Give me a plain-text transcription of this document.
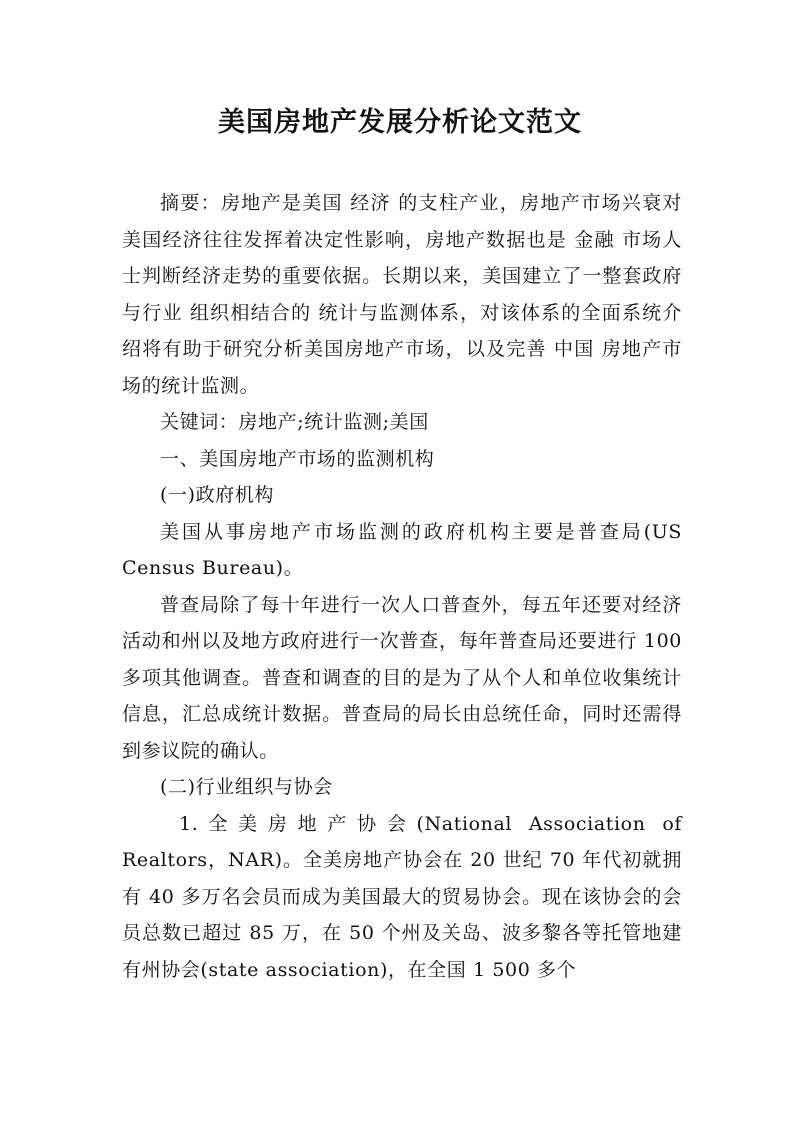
美国房地产发展分析论文范文

摘要：房地产是美国 经济 的支柱产业，房地产市场兴衰对美国经济往往发挥着决定性影响，房地产数据也是 金融 市场人士判断经济走势的重要依据。长期以来，美国建立了一整套政府与行业 组织相结合的 统计与监测体系，对该体系的全面系统介绍将有助于研究分析美国房地产市场，以及完善 中国 房地产市场的统计监测。

关键词：房地产;统计监测;美国

一、美国房地产市场的监测机构

(一)政府机构

美国从事房地产市场监测的政府机构主要是普查局(US Census Bureau)。

普查局除了每十年进行一次人口普查外，每五年还要对经济活动和州以及地方政府进行一次普查，每年普查局还要进行 100 多项其他调查。普查和调查的目的是为了从个人和单位收集统计信息，汇总成统计数据。普查局的局长由总统任命，同时还需得到参议院的确认。

(二)行业组织与协会

1.全美房地产协会(National Association of Realtors，NAR)。全美房地产协会在 20 世纪 70 年代初就拥有 40 多万名会员而成为美国最大的贸易协会。现在该协会的会员总数已超过 85 万，在 50 个州及关岛、波多黎各等托管地建有州协会(state association)，在全国 1 500 多个
